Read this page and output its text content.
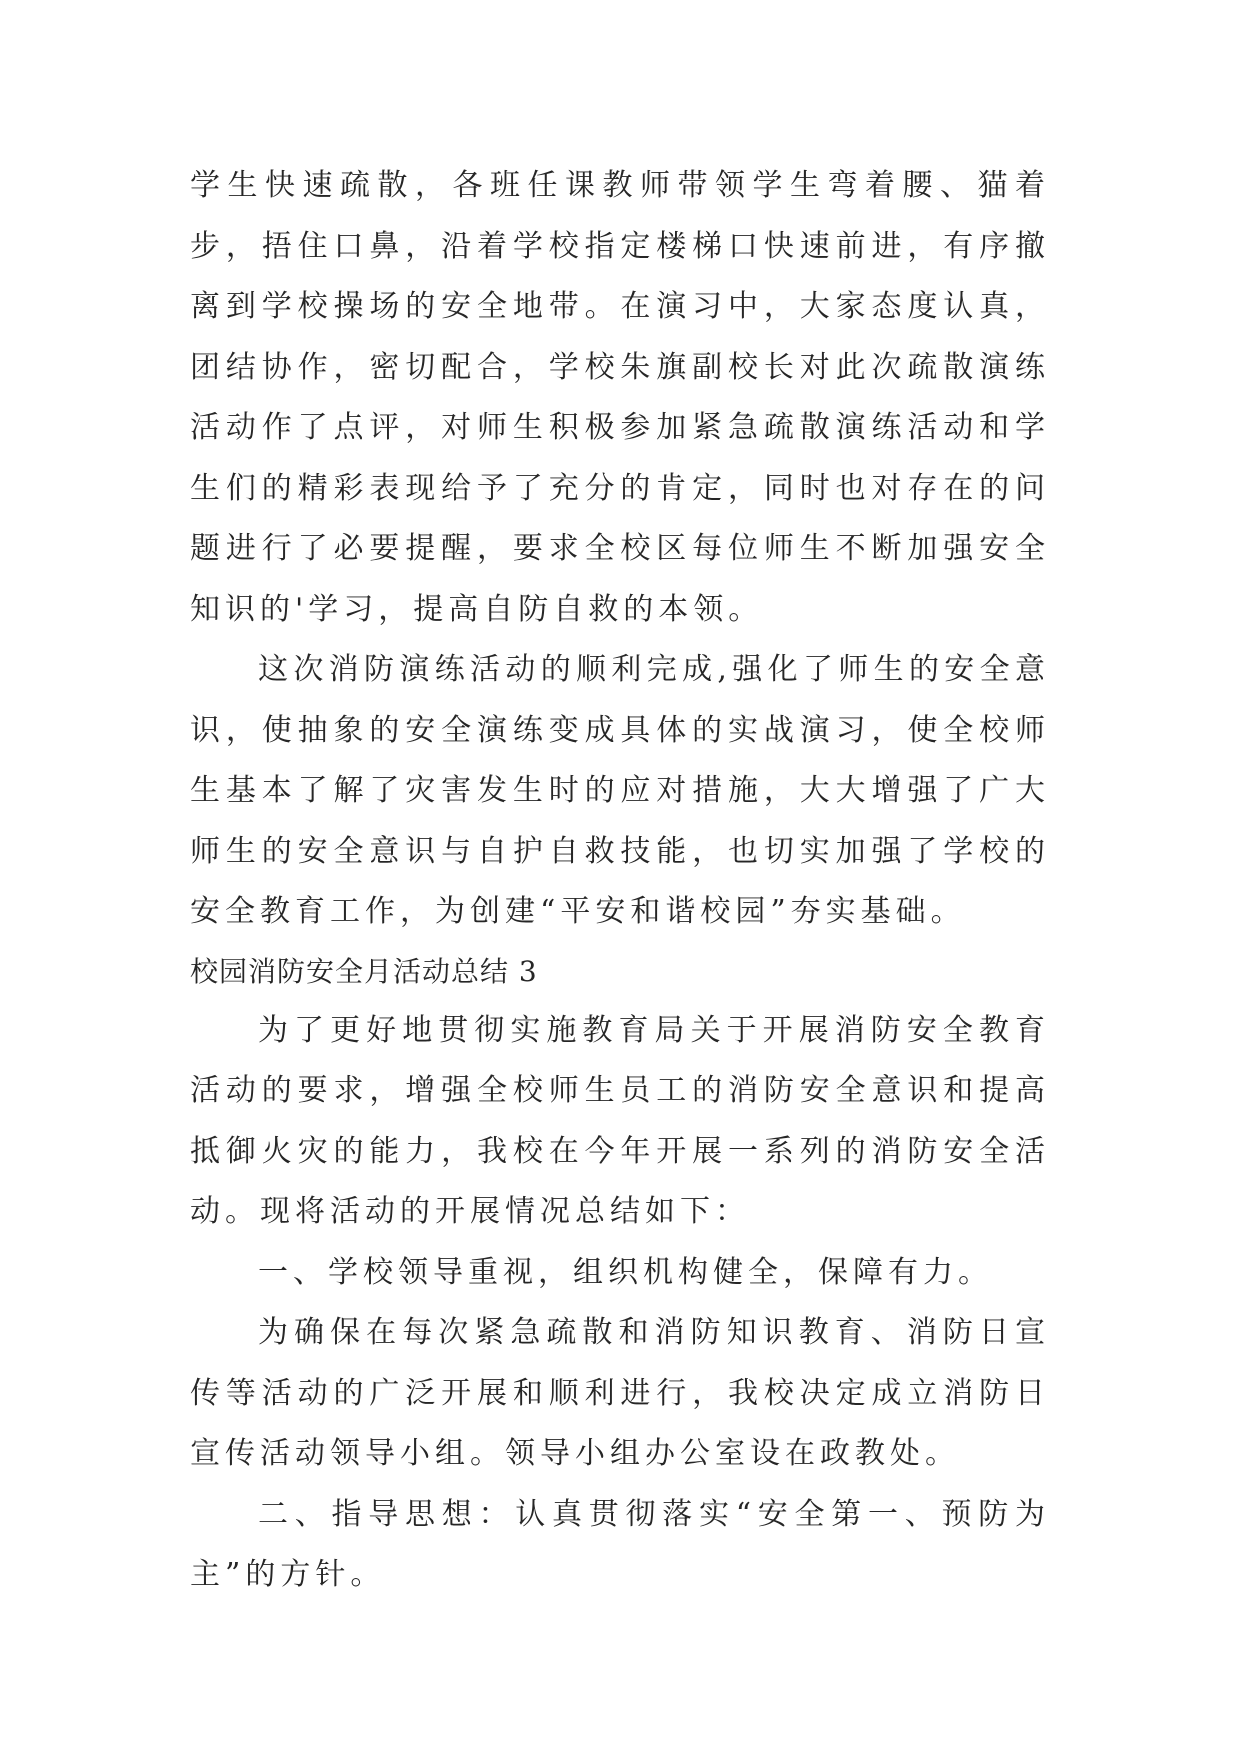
学生快速疏散，各班任课教师带领学生弯着腰、猫着步，捂住口鼻，沿着学校指定楼梯口快速前进，有序撤离到学校操场的安全地带。在演习中，大家态度认真，团结协作，密切配合，学校朱旗副校长对此次疏散演练活动作了点评，对师生积极参加紧急疏散演练活动和学生们的精彩表现给予了充分的肯定，同时也对存在的问题进行了必要提醒，要求全校区每位师生不断加强安全知识的'学习，提高自防自救的本领。

这次消防演练活动的顺利完成,强化了师生的安全意识，使抽象的安全演练变成具体的实战演习，使全校师生基本了解了灾害发生时的应对措施，大大增强了广大师生的安全意识与自护自救技能，也切实加强了学校的安全教育工作，为创建“平安和谐校园”夯实基础。

校园消防安全月活动总结 3

为了更好地贯彻实施教育局关于开展消防安全教育活动的要求，增强全校师生员工的消防安全意识和提高抵御火灾的能力，我校在今年开展一系列的消防安全活动。现将活动的开展情况总结如下：

一、学校领导重视，组织机构健全，保障有力。

为确保在每次紧急疏散和消防知识教育、消防日宣传等活动的广泛开展和顺利进行，我校决定成立消防日宣传活动领导小组。领导小组办公室设在政教处。

二、指导思想：认真贯彻落实“安全第一、预防为主”的方针。
